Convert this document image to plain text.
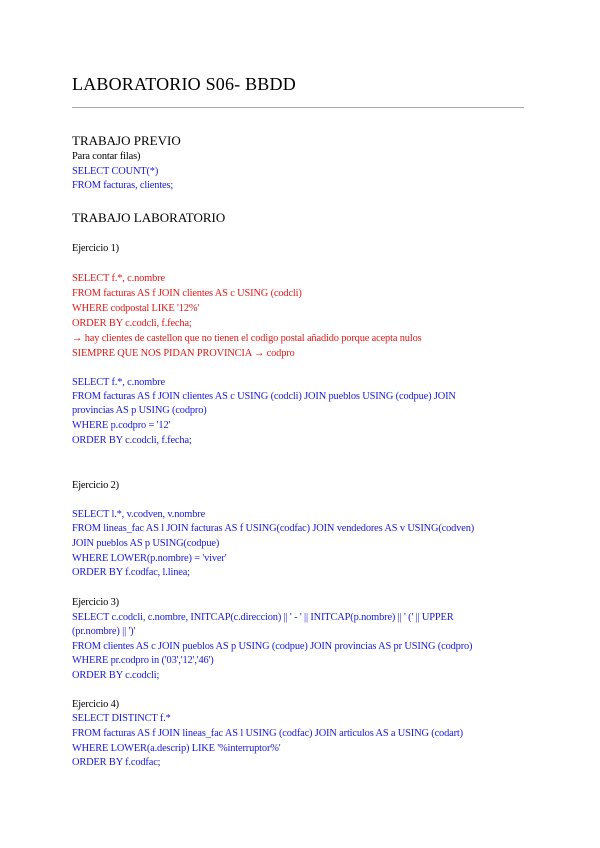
LABORATORIO S06- BBDD
TRABAJO PREVIO
Para contar filas)
SELECT COUNT(*)
FROM facturas, clientes;
TRABAJO LABORATORIO
Ejercicio 1)
SELECT f.*, c.nombre
FROM facturas AS f JOIN clientes AS c USING (codcli)
WHERE codpostal LIKE '12%'
ORDER BY c.codcli, f.fecha;
→ hay clientes de castellon que no tienen el codigo postal añadido porque acepta nulos
SIEMPRE QUE NOS PIDAN PROVINCIA → codpro
SELECT f.*, c.nombre
FROM facturas AS f JOIN clientes AS c USING (codcli) JOIN pueblos USING (codpue) JOIN
provincias AS p USING (codpro)
WHERE p.codpro = '12'
ORDER BY c.codcli, f.fecha;
Ejercicio 2)
SELECT l.*, v.codven, v.nombre
FROM lineas_fac AS l JOIN facturas AS f USING(codfac) JOIN vendedores AS v USING(codven)
JOIN pueblos AS p USING(codpue)
WHERE LOWER(p.nombre) = 'viver'
ORDER BY f.codfac, l.linea;
Ejercicio 3)
SELECT c.codcli, c.nombre, INITCAP(c.direccion) || ' - ' || INITCAP(p.nombre) || ' (' || UPPER
(pr.nombre) || ')'
FROM clientes AS c JOIN pueblos AS p USING (codpue) JOIN provincias AS pr USING (codpro)
WHERE pr.codpro in ('03','12','46')
ORDER BY c.codcli;
Ejercicio 4)
SELECT DISTINCT f.*
FROM facturas AS f JOIN lineas_fac AS l USING (codfac) JOIN articulos AS a USING (codart)
WHERE LOWER(a.descrip) LIKE '%interruptor%'
ORDER BY f.codfac;
